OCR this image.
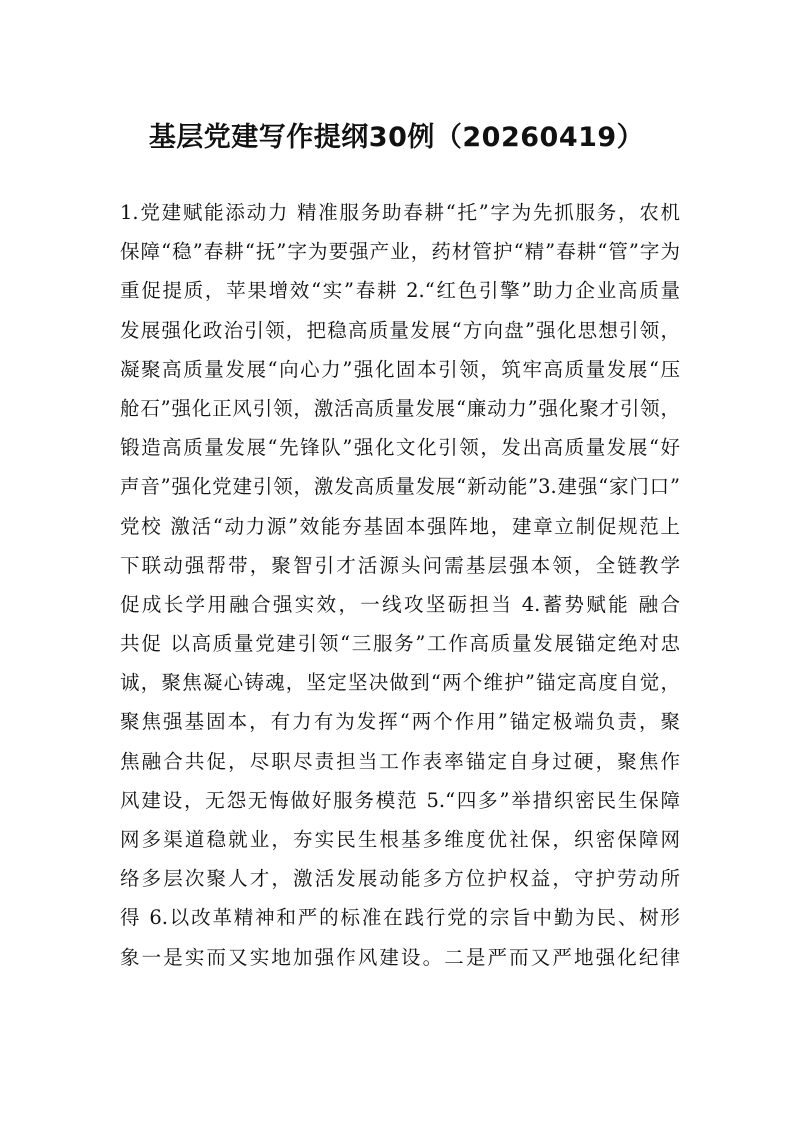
基层党建写作提纲30例（20260419）
1.党建赋能添动力 精准服务助春耕“托”字为先抓服务，农机
保障“稳”春耕“抚”字为要强产业，药材管护“精”春耕“管”字为
重促提质，苹果增效“实”春耕 2.“红色引擎”助力企业高质量
发展强化政治引领，把稳高质量发展“方向盘”强化思想引领，
凝聚高质量发展“向心力”强化固本引领，筑牢高质量发展“压
舱石”强化正风引领，激活高质量发展“廉动力”强化聚才引领，
锻造高质量发展“先锋队”强化文化引领，发出高质量发展“好
声音”强化党建引领，激发高质量发展“新动能”3.建强“家门口”
党校 激活“动力源”效能夯基固本强阵地，建章立制促规范上
下联动强帮带，聚智引才活源头问需基层强本领，全链教学
促成长学用融合强实效，一线攻坚砺担当 4.蓄势赋能 融合
共促 以高质量党建引领“三服务”工作高质量发展锚定绝对忠
诚，聚焦凝心铸魂，坚定坚决做到“两个维护”锚定高度自觉，
聚焦强基固本，有力有为发挥“两个作用”锚定极端负责，聚
焦融合共促，尽职尽责担当工作表率锚定自身过硬，聚焦作
风建设，无怨无悔做好服务模范 5.“四多”举措织密民生保障
网多渠道稳就业，夯实民生根基多维度优社保，织密保障网
络多层次聚人才，激活发展动能多方位护权益，守护劳动所
得 6.以改革精神和严的标准在践行党的宗旨中勤为民、树形
象一是实而又实地加强作风建设。二是严而又严地强化纪律
